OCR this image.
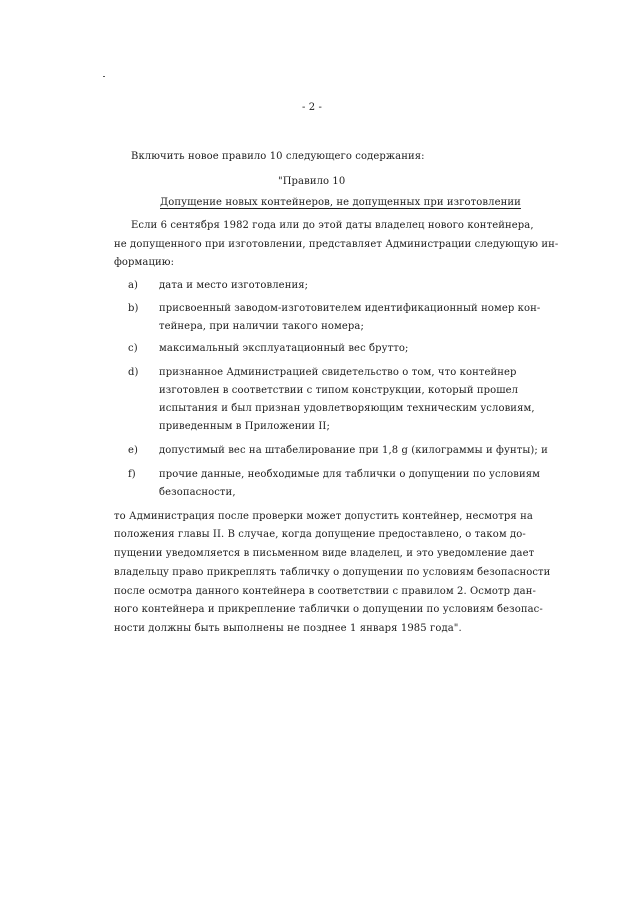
- 2 -
Включить новое правило 10 следующего содержания:
"Правило 10
Допущение новых контейнеров, не допущенных при изготовлении
Если 6 сентября 1982 года или до этой даты владелец нового контейнера,
не допущенного при изготовлении, представляет Администрации следующую ин-
формацию:
a) дата и место изготовления;
b) присвоенный заводом-изготовителем идентификационный номер кон-
тейнера, при наличии такого номера;
c) максимальный эксплуатационный вес брутто;
d) признанное Администрацией свидетельство о том, что контейнер
изготовлен в соответствии с типом конструкции, который прошел
испытания и был признан удовлетворяющим техническим условиям,
приведенным в Приложении II;
e) допустимый вес на штабелирование при 1,8 g (килограммы и фунты); и
f) прочие данные, необходимые для таблички о допущении по условиям
безопасности,
то Администрация после проверки может допустить контейнер, несмотря на
положения главы II. В случае, когда допущение предоставлено, о таком до-
пущении уведомляется в письменном виде владелец, и это уведомление дает
владельцу право прикреплять табличку о допущении по условиям безопасности
после осмотра данного контейнера в соответствии с правилом 2. Осмотр дан-
ного контейнера и прикрепление таблички о допущении по условиям безопас-
ности должны быть выполнены не позднее 1 января 1985 года".
